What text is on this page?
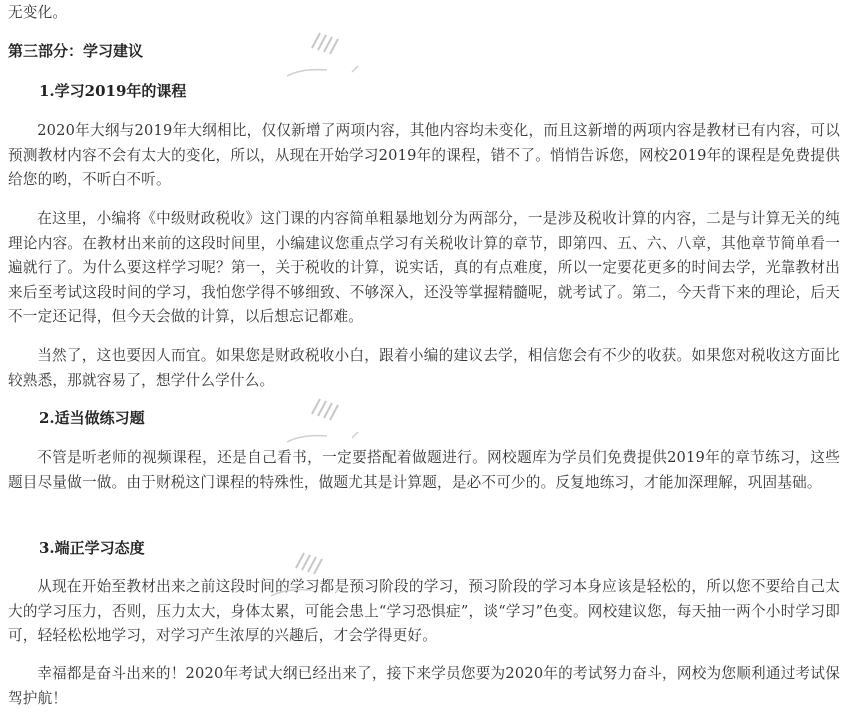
无变化。

第三部分：学习建议
1.学习2019年的课程

2020年大纲与2019年大纲相比，仅仅新增了两项内容，其他内容均未变化，而且这新增的两项内容是教材已有内容，可以预测教材内容不会有太大的变化，所以，从现在开始学习2019年的课程，错不了。悄悄告诉您，网校2019年的课程是免费提供给您的哟，不听白不听。

在这里，小编将《中级财政税收》这门课的内容简单粗暴地划分为两部分，一是涉及税收计算的内容，二是与计算无关的纯理论内容。在教材出来前的这段时间里，小编建议您重点学习有关税收计算的章节，即第四、五、六、八章，其他章节简单看一遍就行了。为什么要这样学习呢？第一，关于税收的计算，说实话，真的有点难度，所以一定要花更多的时间去学，光靠教材出来后至考试这段时间的学习，我怕您学得不够细致、不够深入，还没等掌握精髓呢，就考试了。第二，今天背下来的理论，后天不一定还记得，但今天会做的计算，以后想忘记都难。

当然了，这也要因人而宜。如果您是财政税收小白，跟着小编的建议去学，相信您会有不少的收获。如果您对税收这方面比较熟悉，那就容易了，想学什么学什么。

2.适当做练习题

不管是听老师的视频课程，还是自己看书，一定要搭配着做题进行。网校题库为学员们免费提供2019年的章节练习，这些题目尽量做一做。由于财税这门课程的特殊性，做题尤其是计算题，是必不可少的。反复地练习，才能加深理解，巩固基础。

3.端正学习态度

从现在开始至教材出来之前这段时间的学习都是预习阶段的学习，预习阶段的学习本身应该是轻松的，所以您不要给自己太大的学习压力，否则，压力太大，身体太累，可能会患上“学习恐惧症”，谈“学习”色变。网校建议您，每天抽一两个小时学习即可，轻轻松松地学习，对学习产生浓厚的兴趣后，才会学得更好。

幸福都是奋斗出来的！2020年考试大纲已经出来了，接下来学员您要为2020年的考试努力奋斗，网校为您顺利通过考试保驾护航！
